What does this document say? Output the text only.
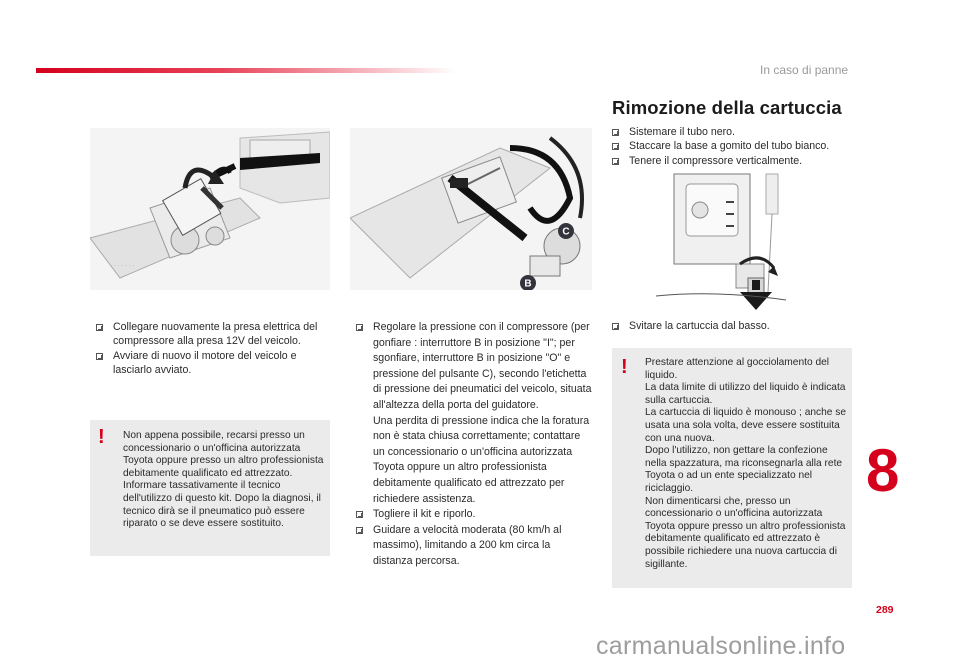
In caso di panne
· · · · · · ·
C
B
Collegare nuovamente la presa elettrica del compressore alla presa 12V del veicolo.
Avviare di nuovo il motore del veicolo e lasciarlo avviato.
! Non appena possibile, recarsi presso un concessionario o un'officina autorizzata Toyota oppure presso un altro professionista debitamente qualificato ed attrezzato.
Informare tassativamente il tecnico dell'utilizzo di questo kit. Dopo la diagnosi, il tecnico dirà se il pneumatico può essere riparato o se deve essere sostituito.

Regolare la pressione con il compressore (per gonfiare : interruttore B in posizione "I"; per sgonfiare, interruttore B in posizione "O" e pressione del pulsante C), secondo l'etichetta di pressione dei pneumatici del veicolo, situata all'altezza della porta del guidatore.
Una perdita di pressione indica che la foratura non è stata chiusa correttamente; contattare un concessionario o un'officina autorizzata Toyota oppure un altro professionista debitamente qualificato ed attrezzato per richiedere assistenza.
Togliere il kit e riporlo.
Guidare a velocità moderata (80 km/h al massimo), limitando a 200 km circa la distanza percorsa.
Rimozione della cartuccia
Sistemare il tubo nero.
Staccare la base a gomito del tubo bianco.
Tenere il compressore verticalmente.
Svitare la cartuccia dal basso.
! Prestare attenzione al gocciolamento del liquido.
La data limite di utilizzo del liquido è indicata sulla cartuccia.
La cartuccia di liquido è monouso ; anche se usata una sola volta, deve essere sostituita con una nuova.
Dopo l'utilizzo, non gettare la confezione nella spazzatura, ma riconsegnarla alla rete Toyota o ad un ente specializzato nel riciclaggio.
Non dimenticarsi che, presso un concessionario o un'officina autorizzata Toyota oppure presso un altro professionista debitamente qualificato ed attrezzato è possibile richiedere una nuova cartuccia di sigillante.

8
289
carmanualsonline.info
